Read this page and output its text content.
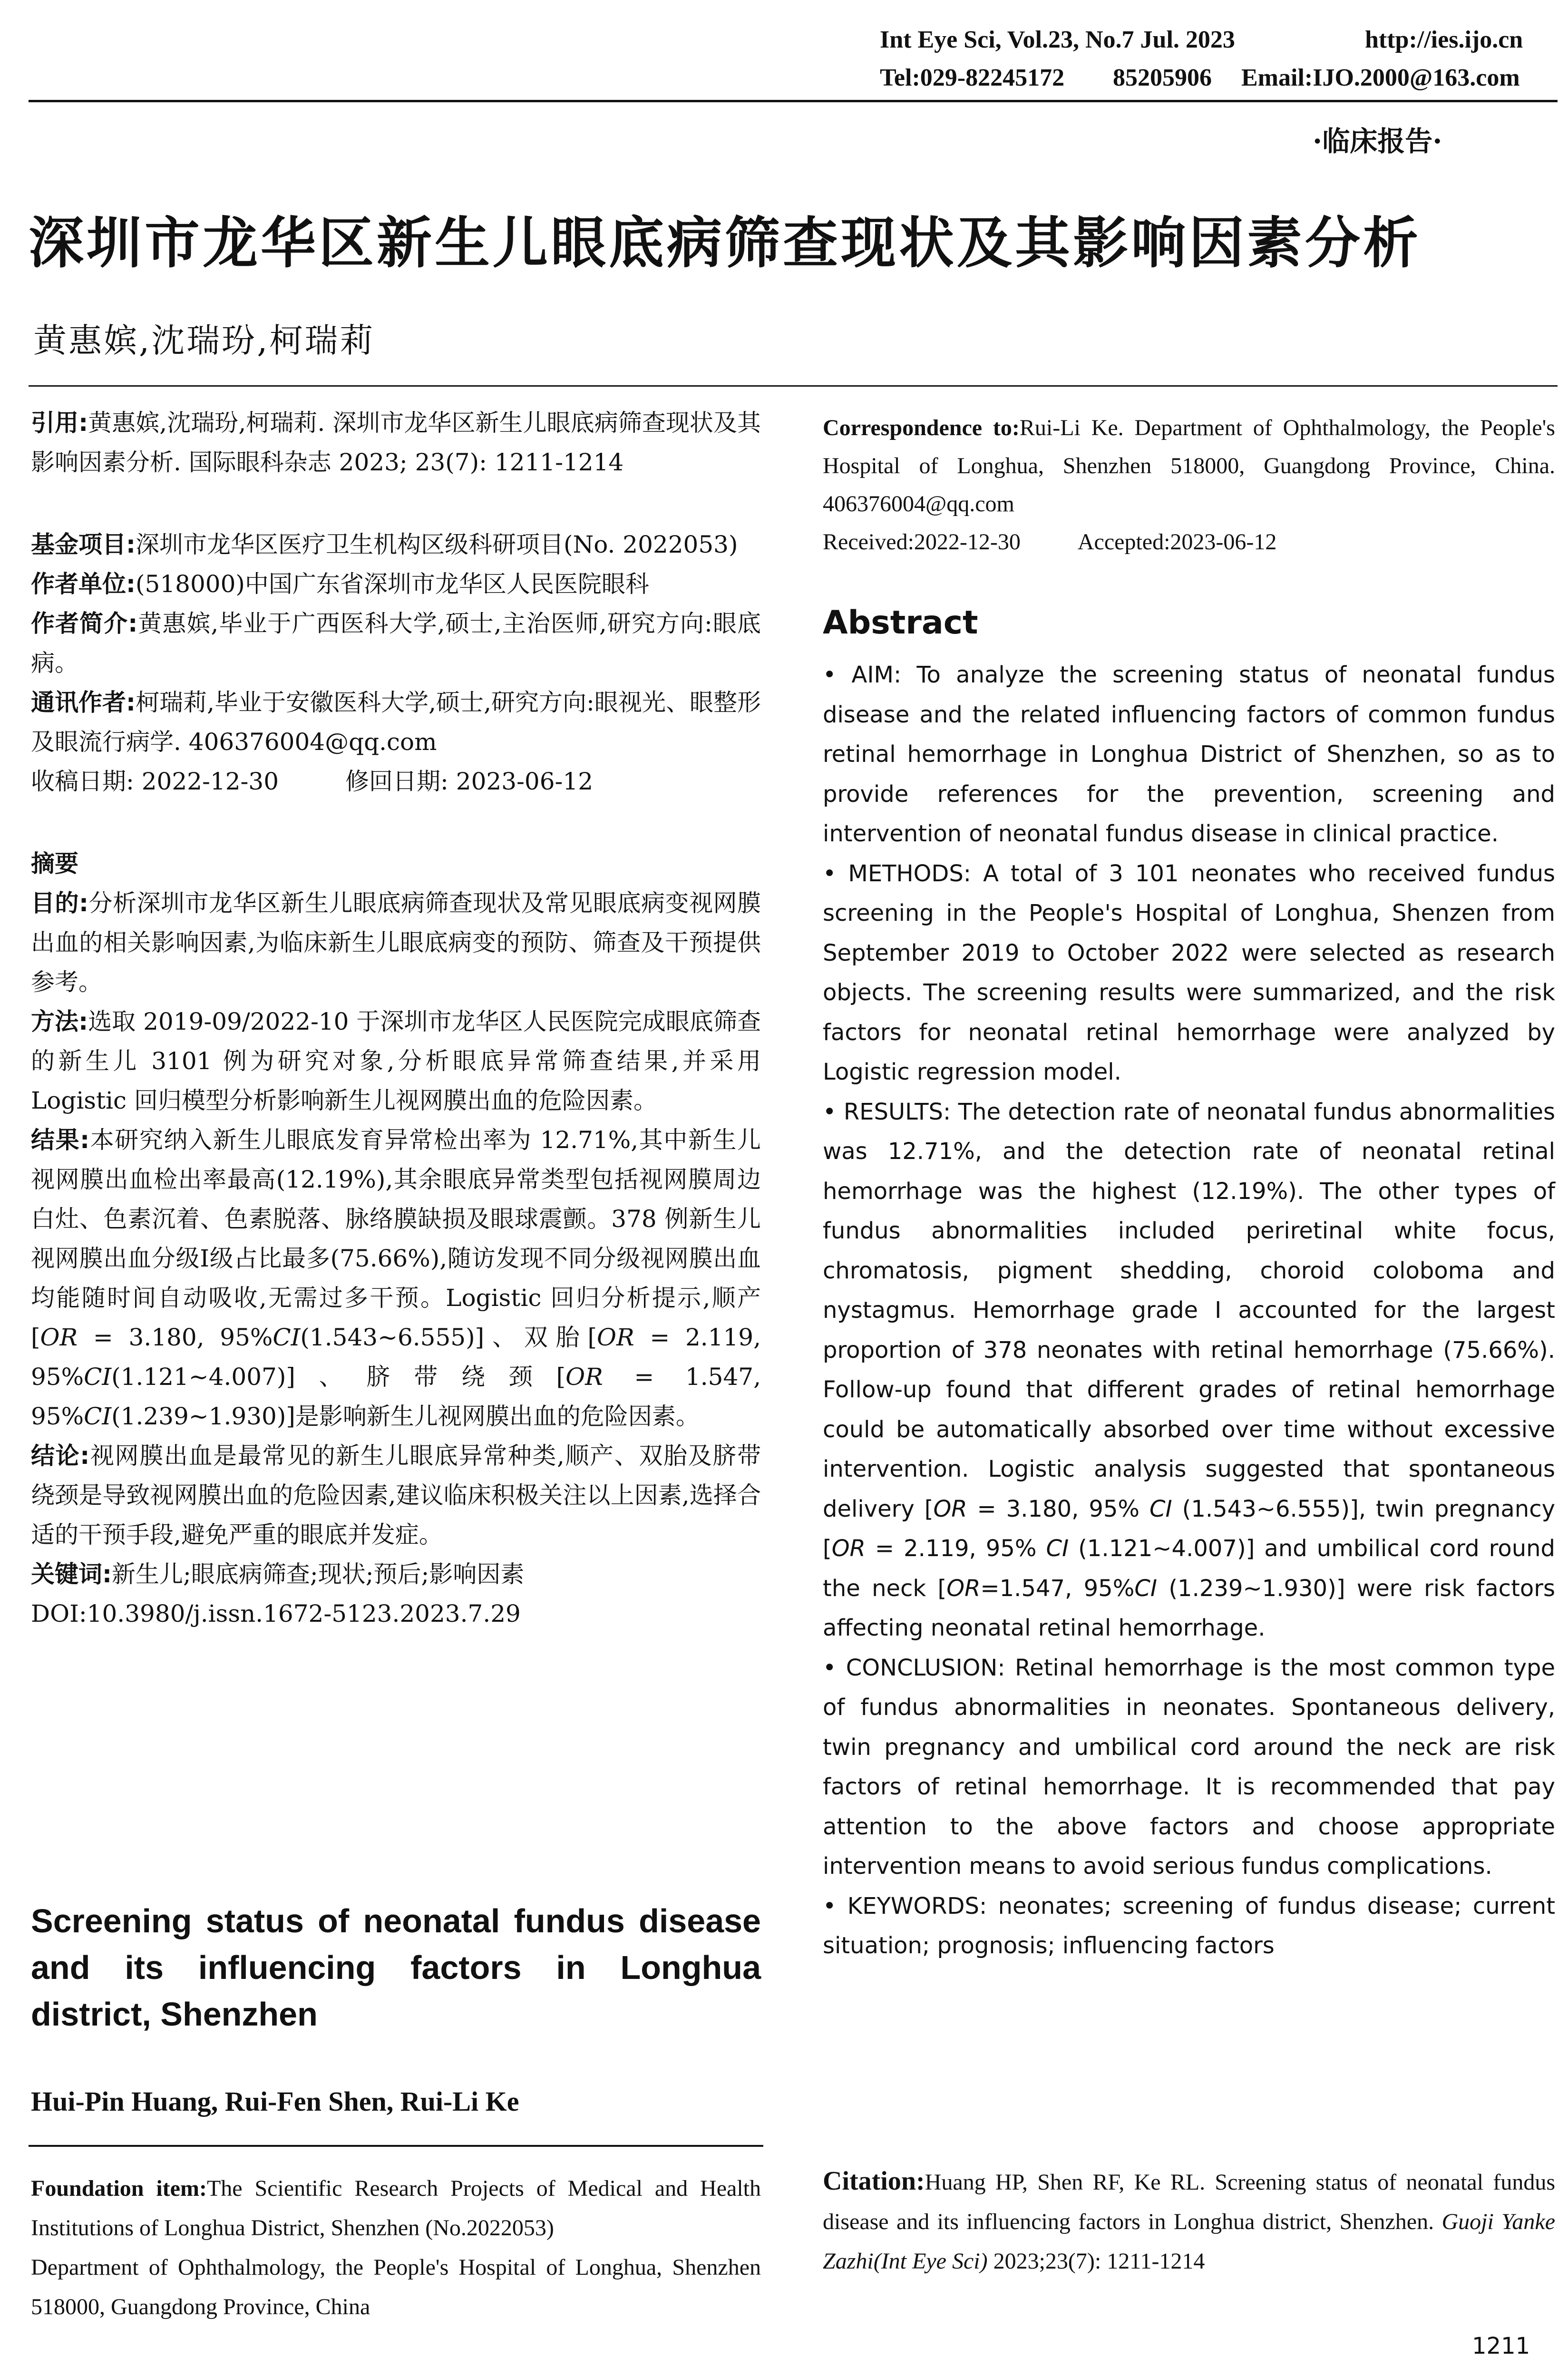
Int Eye Sci, Vol.23, No.7 Jul. 2023	http://ies.ijo.cn
Tel:029-82245172 85205906 Email:IJO.2000@163.com
·临床报告·
深圳市龙华区新生儿眼底病筛查现状及其影响因素分析
黄惠嫔,沈瑞玢,柯瑞莉

引用:黄惠嫔,沈瑞玢,柯瑞莉. 深圳市龙华区新生儿眼底病筛查现状及其影响因素分析. 国际眼科杂志 2023; 23(7): 1211-1214

基金项目:深圳市龙华区医疗卫生机构区级科研项目(No. 2022053)

作者单位:(518000)中国广东省深圳市龙华区人民医院眼科

作者简介:黄惠嫔,毕业于广西医科大学,硕士,主治医师,研究方向:眼底病。

通讯作者:柯瑞莉,毕业于安徽医科大学,硕士,研究方向:眼视光、眼整形及眼流行病学. 406376004@qq.com

收稿日期: 2022-12-30	修回日期: 2023-06-12

摘要

目的:分析深圳市龙华区新生儿眼底病筛查现状及常见眼底病变视网膜出血的相关影响因素,为临床新生儿眼底病变的预防、筛查及干预提供参考。

方法:选取 2019-09/2022-10 于深圳市龙华区人民医院完成眼底筛查的新生儿 3101 例为研究对象,分析眼底异常筛查结果,并采用 Logistic 回归模型分析影响新生儿视网膜出血的危险因素。

结果:本研究纳入新生儿眼底发育异常检出率为 12.71%,其中新生儿视网膜出血检出率最高(12.19%),其余眼底异常类型包括视网膜周边白灶、色素沉着、色素脱落、脉络膜缺损及眼球震颤。378 例新生儿视网膜出血分级Ⅰ级占比最多(75.66%),随访发现不同分级视网膜出血均能随时间自动吸收,无需过多干预。Logistic 回归分析提示,顺产[OR = 3.180, 95%CI(1.543~6.555)]、双胎[OR = 2.119, 95%CI(1.121~4.007)]、脐带绕颈[OR = 1.547, 95%CI(1.239~1.930)]是影响新生儿视网膜出血的危险因素。

结论:视网膜出血是最常见的新生儿眼底异常种类,顺产、双胎及脐带绕颈是导致视网膜出血的危险因素,建议临床积极关注以上因素,选择合适的干预手段,避免严重的眼底并发症。

关键词:新生儿;眼底病筛查;现状;预后;影响因素

DOI:10.3980/j.issn.1672-5123.2023.7.29

Screening status of neonatal fundus disease and its influencing factors in Longhua district, Shenzhen
Hui-Pin Huang, Rui-Fen Shen, Rui-Li Ke

Foundation item:The Scientific Research Projects of Medical and Health Institutions of Longhua District, Shenzhen (No.2022053)

Department of Ophthalmology, the People's Hospital of Longhua, Shenzhen 518000, Guangdong Province, China

Correspondence to:Rui-Li Ke. Department of Ophthalmology, the People's Hospital of Longhua, Shenzhen 518000, Guangdong Province, China. 406376004@qq.com

Received:2022-12-30	Accepted:2023-06-12

Abstract

• AIM: To analyze the screening status of neonatal fundus disease and the related influencing factors of common fundus retinal hemorrhage in Longhua District of Shenzhen, so as to provide references for the prevention, screening and intervention of neonatal fundus disease in clinical practice.

• METHODS: A total of 3 101 neonates who received fundus screening in the People's Hospital of Longhua, Shenzen from September 2019 to October 2022 were selected as research objects. The screening results were summarized, and the risk factors for neonatal retinal hemorrhage were analyzed by Logistic regression model.

• RESULTS: The detection rate of neonatal fundus abnormalities was 12.71%, and the detection rate of neonatal retinal hemorrhage was the highest (12.19%). The other types of fundus abnormalities included periretinal white focus, chromatosis, pigment shedding, choroid coloboma and nystagmus. Hemorrhage grade I accounted for the largest proportion of 378 neonates with retinal hemorrhage (75.66%). Follow-up found that different grades of retinal hemorrhage could be automatically absorbed over time without excessive intervention. Logistic analysis suggested that spontaneous delivery [OR = 3.180, 95% CI (1.543~6.555)], twin pregnancy [OR = 2.119, 95% CI (1.121~4.007)] and umbilical cord round the neck [OR=1.547, 95%CI (1.239~1.930)] were risk factors affecting neonatal retinal hemorrhage.

• CONCLUSION: Retinal hemorrhage is the most common type of fundus abnormalities in neonates. Spontaneous delivery, twin pregnancy and umbilical cord around the neck are risk factors of retinal hemorrhage. It is recommended that pay attention to the above factors and choose appropriate intervention means to avoid serious fundus complications.

• KEYWORDS: neonates; screening of fundus disease; current situation; prognosis; influencing factors

Citation:Huang HP, Shen RF, Ke RL. Screening status of neonatal fundus disease and its influencing factors in Longhua district, Shenzhen. Guoji Yanke Zazhi(Int Eye Sci) 2023;23(7): 1211-1214

1211
